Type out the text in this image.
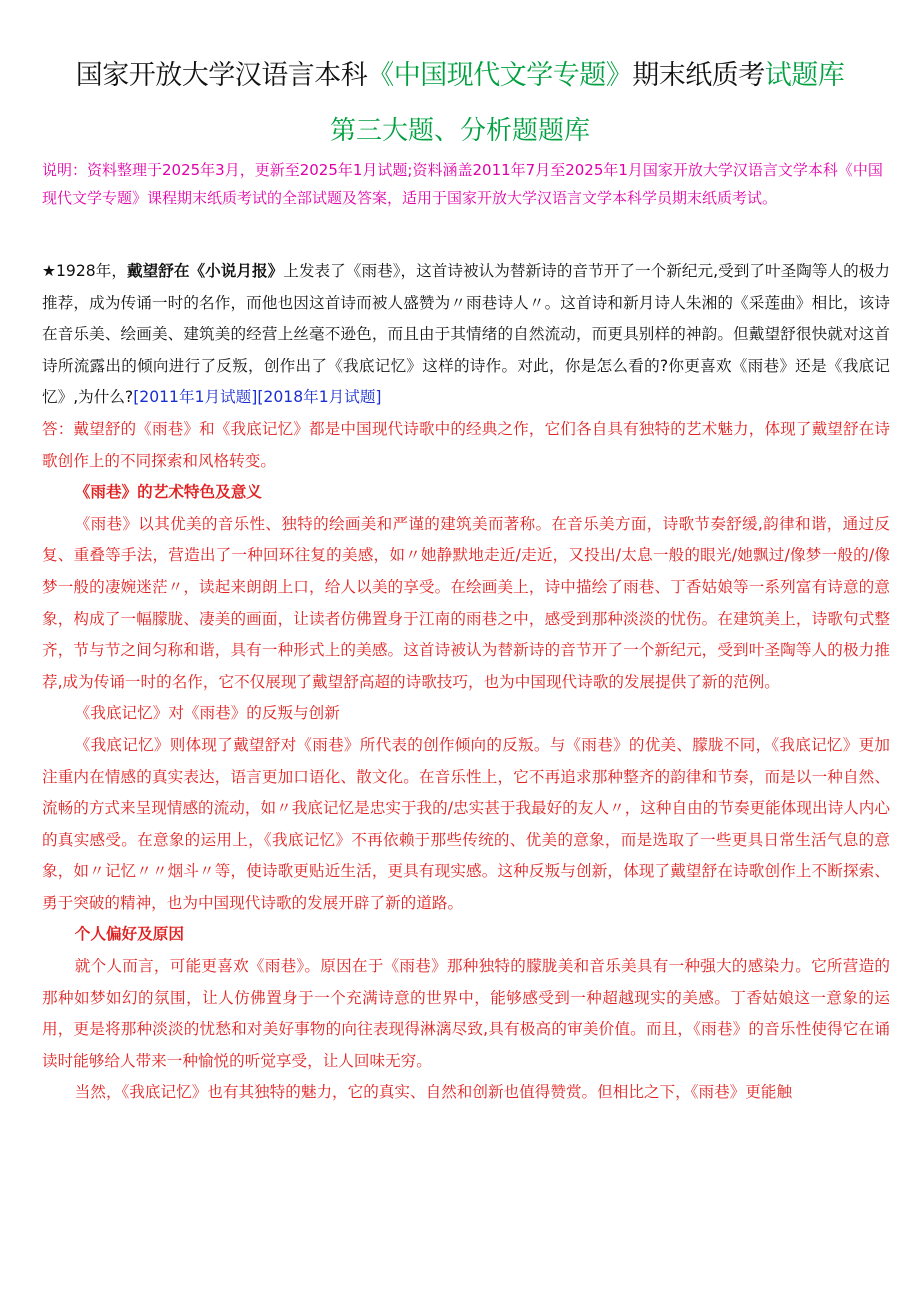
国家开放大学汉语言本科《中国现代文学专题》期末纸质考试题库
第三大题、分析题题库
说明：资料整理于2025年3月，更新至2025年1月试题;资料涵盖2011年7月至2025年1月国家开放大学汉语言文学本科《中国现代文学专题》课程期末纸质考试的全部试题及答案，适用于国家开放大学汉语言文学本科学员期末纸质考试。

★1928年，戴望舒在《小说月报》上发表了《雨巷》，这首诗被认为替新诗的音节开了一个新纪元,受到了叶圣陶等人的极力推荐，成为传诵一时的名作，而他也因这首诗而被人盛赞为〃雨巷诗人〃。这首诗和新月诗人朱湘的《采莲曲》相比，该诗在音乐美、绘画美、建筑美的经营上丝毫不逊色，而且由于其情绪的自然流动，而更具别样的神韵。但戴望舒很快就对这首诗所流露出的倾向进行了反叛，创作出了《我底记忆》这样的诗作。对此，你是怎么看的?你更喜欢《雨巷》还是《我底记忆》,为什么?[2011年1月试题][2018年1月试题]

答：戴望舒的《雨巷》和《我底记忆》都是中国现代诗歌中的经典之作，它们各自具有独特的艺术魅力，体现了戴望舒在诗歌创作上的不同探索和风格转变。

《雨巷》的艺术特色及意义

《雨巷》以其优美的音乐性、独特的绘画美和严谨的建筑美而著称。在音乐美方面，诗歌节奏舒缓,韵律和谐，通过反复、重叠等手法，营造出了一种回环往复的美感，如〃她静默地走近/走近，又投出/太息一般的眼光/她飘过/像梦一般的/像梦一般的凄婉迷茫〃，读起来朗朗上口，给人以美的享受。在绘画美上，诗中描绘了雨巷、丁香姑娘等一系列富有诗意的意象，构成了一幅朦胧、凄美的画面，让读者仿佛置身于江南的雨巷之中，感受到那种淡淡的忧伤。在建筑美上，诗歌句式整齐，节与节之间匀称和谐，具有一种形式上的美感。这首诗被认为替新诗的音节开了一个新纪元，受到叶圣陶等人的极力推荐,成为传诵一时的名作，它不仅展现了戴望舒高超的诗歌技巧，也为中国现代诗歌的发展提供了新的范例。

《我底记忆》对《雨巷》的反叛与创新

《我底记忆》则体现了戴望舒对《雨巷》所代表的创作倾向的反叛。与《雨巷》的优美、朦胧不同，《我底记忆》更加注重内在情感的真实表达，语言更加口语化、散文化。在音乐性上，它不再追求那种整齐的韵律和节奏，而是以一种自然、流畅的方式来呈现情感的流动，如〃我底记忆是忠实于我的/忠实甚于我最好的友人〃，这种自由的节奏更能体现出诗人内心的真实感受。在意象的运用上，《我底记忆》不再依赖于那些传统的、优美的意象，而是选取了一些更具日常生活气息的意象，如〃记忆〃〃烟斗〃等，使诗歌更贴近生活，更具有现实感。这种反叛与创新，体现了戴望舒在诗歌创作上不断探索、勇于突破的精神，也为中国现代诗歌的发展开辟了新的道路。

个人偏好及原因

就个人而言，可能更喜欢《雨巷》。原因在于《雨巷》那种独特的朦胧美和音乐美具有一种强大的感染力。它所营造的那种如梦如幻的氛围，让人仿佛置身于一个充满诗意的世界中，能够感受到一种超越现实的美感。丁香姑娘这一意象的运用，更是将那种淡淡的忧愁和对美好事物的向往表现得淋漓尽致,具有极高的审美价值。而且，《雨巷》的音乐性使得它在诵读时能够给人带来一种愉悦的听觉享受，让人回味无穷。

当然，《我底记忆》也有其独特的魅力，它的真实、自然和创新也值得赞赏。但相比之下，《雨巷》更能触
